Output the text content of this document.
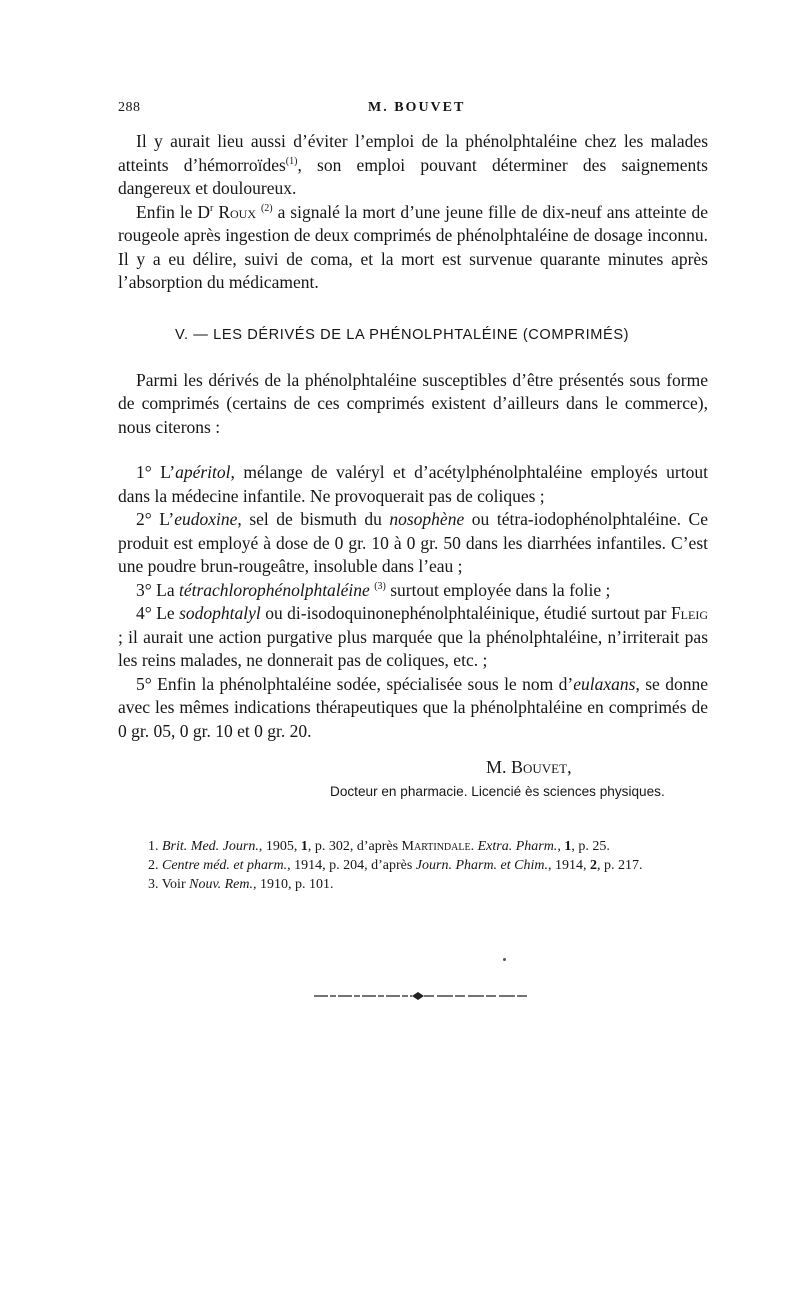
288	M. BOUVET

Il y aurait lieu aussi d’éviter l’emploi de la phénolphtaléine chez les malades atteints d’hémorroïdes$^{(1)}$, son emploi pouvant déterminer des saignements dangereux et douloureux.

Enfin le $D^r$ Roux $^{(2)}$ a signalé la mort d’une jeune fille de dix-neuf ans atteinte de rougeole après ingestion de deux comprimés de phénolphtaléine de dosage inconnu. Il y a eu délire, suivi de coma, et la mort est survenue quarante minutes après l’absorption du médicament.

V. — LES DÉRIVÉS DE LA PHÉNOLPHTALÉINE (COMPRIMÉS)

Parmi les dérivés de la phénolphtaléine susceptibles d’être présentés sous forme de comprimés (certains de ces comprimés existent d’ailleurs dans le commerce), nous citerons :

1° L’apéritol, mélange de valéryl et d’acétylphénolphtaléine employés urtout dans la médecine infantile. Ne provoquerait pas de coliques ;

2° L’eudoxine, sel de bismuth du nosophène ou tétra-iodophénolphtaléine. Ce produit est employé à dose de 0 gr. 10 à 0 gr. 50 dans les diarrhées infantiles. C’est une poudre brun-rougeâtre, insoluble dans l’eau ;

3° La tétrachlorophénolphtaléine $^{(3)}$ surtout employée dans la folie ;

4° Le sodophtalyl ou di-isodoquinonephénolphtaléinique, étudié surtout par Fleig ; il aurait une action purgative plus marquée que la phénolphtaléine, n’irriterait pas les reins malades, ne donnerait pas de coliques, etc. ;

5° Enfin la phénolphtaléine sodée, spécialisée sous le nom d’eulaxans, se donne avec les mêmes indications thérapeutiques que la phénolphtaléine en comprimés de 0 gr. 05, 0 gr. 10 et 0 gr. 20.

M. Bouvet,
Docteur en pharmacie. Licencié ès sciences physiques.

1. Brit. Med. Journ., 1905, 1, p. 302, d’après Martindale. Extra. Pharm., 1, p. 25.

2. Centre méd. et pharm., 1914, p. 204, d’après Journ. Pharm. et Chim., 1914, 2, p. 217.

3. Voir Nouv. Rem., 1910, p. 101.
